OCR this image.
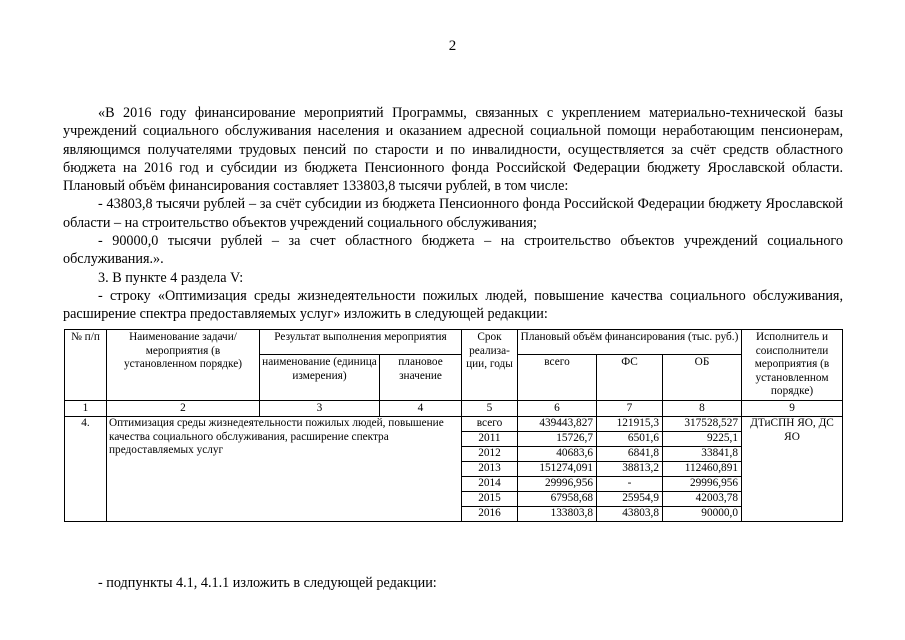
2

«В 2016 году финансирование мероприятий Программы, связанных с укреплением материально-технической базы учреждений социального обслуживания населения и оказанием адресной социальной помощи неработающим пенсионерам, являющимся получателями трудовых пенсий по старости и по инвалидности, осуществляется за счёт средств областного бюджета на 2016 год и субсидии из бюджета Пенсионного фонда Российской Федерации бюджету Ярославской области. Плановый объём финансирования составляет 133803,8 тысячи рублей, в том числе:

- 43803,8 тысячи рублей – за счёт субсидии из бюджета Пенсионного фонда Российской Федерации бюджету Ярославской области – на строительство объектов учреждений социального обслуживания;

- 90000,0 тысячи рублей – за счет областного бюджета – на строительство объектов учреждений социального обслуживания.».

3. В пункте 4 раздела V:

- строку «Оптимизация среды жизнедеятельности пожилых людей, повышение качества социального обслуживания, расширение спектра предоставляемых услуг» изложить в следующей редакции:

№ п/п	Наименование задачи/мероприятия (в установленном порядке)	Результат выполнения мероприятия		Срок реализа-ции, годы	Плановый объём финансирования (тыс. руб.)			Исполнитель и соисполнители мероприятия (в установленном порядке)
		наименование (единица измерения)	плановое значение		всего	ФС	ОБ	
1	2	3	4	5	6	7	8	9
4.	Оптимизация среды жизнедеятельности пожилых людей, повышение качества социального обслуживания, расширение спектра предоставляемых услуг			всего	439443,827	121915,3	317528,527	ДТиСПН ЯО, ДС ЯО
				2011	15726,7	6501,6	9225,1	
				2012	40683,6	6841,8	33841,8	
				2013	151274,091	38813,2	112460,891	
				2014	29996,956	-	29996,956	
				2015	67958,68	25954,9	42003,78	
				2016	133803,8	43803,8	90000,0	
- подпункты 4.1, 4.1.1 изложить в следующей редакции:
